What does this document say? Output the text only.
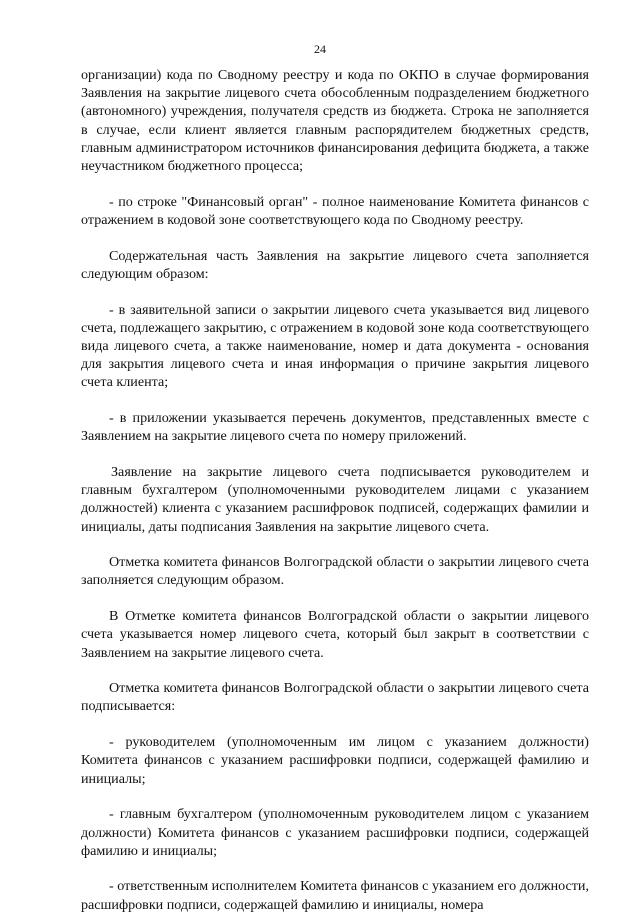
24

организации) кода по Сводному реестру и кода по ОКПО в случае формирования Заявления на закрытие лицевого счета обособленным подразделением бюджетного (автономного) учреждения, получателя средств из бюджета. Строка не заполняется в случае, если клиент является главным распорядителем бюджетных средств, главным администратором источников финансирования дефицита бюджета, а также неучастником бюджетного процесса;

- по строке "Финансовый орган" - полное наименование Комитета финансов с отражением в кодовой зоне соответствующего кода по Сводному реестру.

Содержательная часть Заявления на закрытие лицевого счета заполняется следующим образом:

- в заявительной записи о закрытии лицевого счета указывается вид лицевого счета, подлежащего закрытию, с отражением в кодовой зоне кода соответствующего вида лицевого счета, а также наименование, номер и дата документа - основания для закрытия лицевого счета и иная информация о причине закрытия лицевого счета клиента;

- в приложении указывается перечень документов, представленных вместе с Заявлением на закрытие лицевого счета по номеру приложений.

Заявление на закрытие лицевого счета подписывается руководителем и главным бухгалтером (уполномоченными руководителем лицами с указанием должностей) клиента с указанием расшифровок подписей, содержащих фамилии и инициалы, даты подписания Заявления на закрытие лицевого счета.

Отметка комитета финансов Волгоградской области о закрытии лицевого счета заполняется следующим образом.

В Отметке комитета финансов Волгоградской области о закрытии лицевого счета указывается номер лицевого счета, который был закрыт в соответствии с Заявлением на закрытие лицевого счета.

Отметка комитета финансов Волгоградской области о закрытии лицевого счета подписывается:

- руководителем (уполномоченным им лицом с указанием должности) Комитета финансов с указанием расшифровки подписи, содержащей фамилию и инициалы;

- главным бухгалтером (уполномоченным руководителем лицом с указанием должности) Комитета финансов с указанием расшифровки подписи, содержащей фамилию и инициалы;

- ответственным исполнителем Комитета финансов с указанием его должности, расшифровки подписи, содержащей фамилию и инициалы, номера
